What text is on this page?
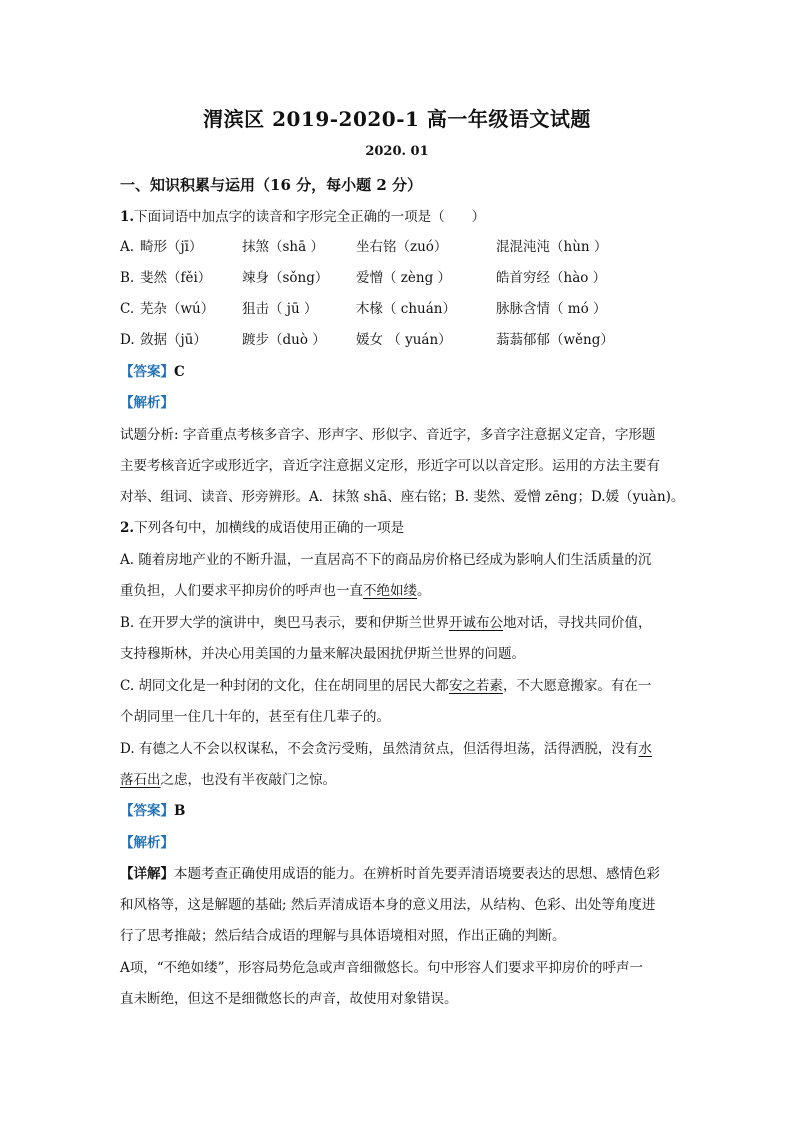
渭滨区 2019-2020-1 高一年级语文试题
2020. 01
一、知识积累与运用（16 分，每小题 2 分）
1.下面词语中加点字的读音和字形完全正确的一项是（　　）
A. 畸形（jī）	抹煞（shā ） 坐右铭（zuó）	混混沌沌（hùn ）
B. 斐然（fěi） 竦身（sǒng） 爱憎（ zèng ）	皓首穷经（hào ）
C. 芜杂（wú） 狙击（ jū ）	木椽（ chuán）	脉脉含情（ mó ）
D. 敛据（jū）	踱步（duò ） 媛女 （ yuán）	蓊蓊郁郁（wěng）
【答案】C
【解析】
试题分析: 字音重点考核多音字、形声字、形似字、音近字，多音字注意据义定音，字形题
主要考核音近字或形近字，音近字注意据义定形，形近字可以以音定形。运用的方法主要有
对举、组词、读音、形旁辨形。A．抹煞 shā、座右铭；B. 斐然、爱憎 zēng；D.媛（yuàn)。
2.下列各句中，加横线的成语使用正确的一项是
A. 随着房地产业的不断升温，一直居高不下的商品房价格已经成为影响人们生活质量的沉
重负担，人们要求平抑房价的呼声也一直不绝如缕。
B. 在开罗大学的演讲中，奥巴马表示，要和伊斯兰世界开诚布公地对话，寻找共同价值，
支持穆斯林，并决心用美国的力量来解决最困扰伊斯兰世界的问题。
C. 胡同文化是一种封闭的文化，住在胡同里的居民大都安之若素，不大愿意搬家。有在一
个胡同里一住几十年的，甚至有住几辈子的。
D. 有德之人不会以权谋私，不会贪污受贿，虽然清贫点，但活得坦荡，活得洒脱，没有水
落石出之虑，也没有半夜敲门之惊。
【答案】B
【解析】
【详解】本题考查正确使用成语的能力。在辨析时首先要弄清语境要表达的思想、感情色彩
和风格等，这是解题的基础; 然后弄清成语本身的意义用法，从结构、色彩、出处等角度进
行了思考推敲；然后结合成语的理解与具体语境相对照，作出正确的判断。
A项，“不绝如缕”，形容局势危急或声音细微悠长。句中形容人们要求平抑房价的呼声一
直未断绝，但这不是细微悠长的声音，故使用对象错误。
